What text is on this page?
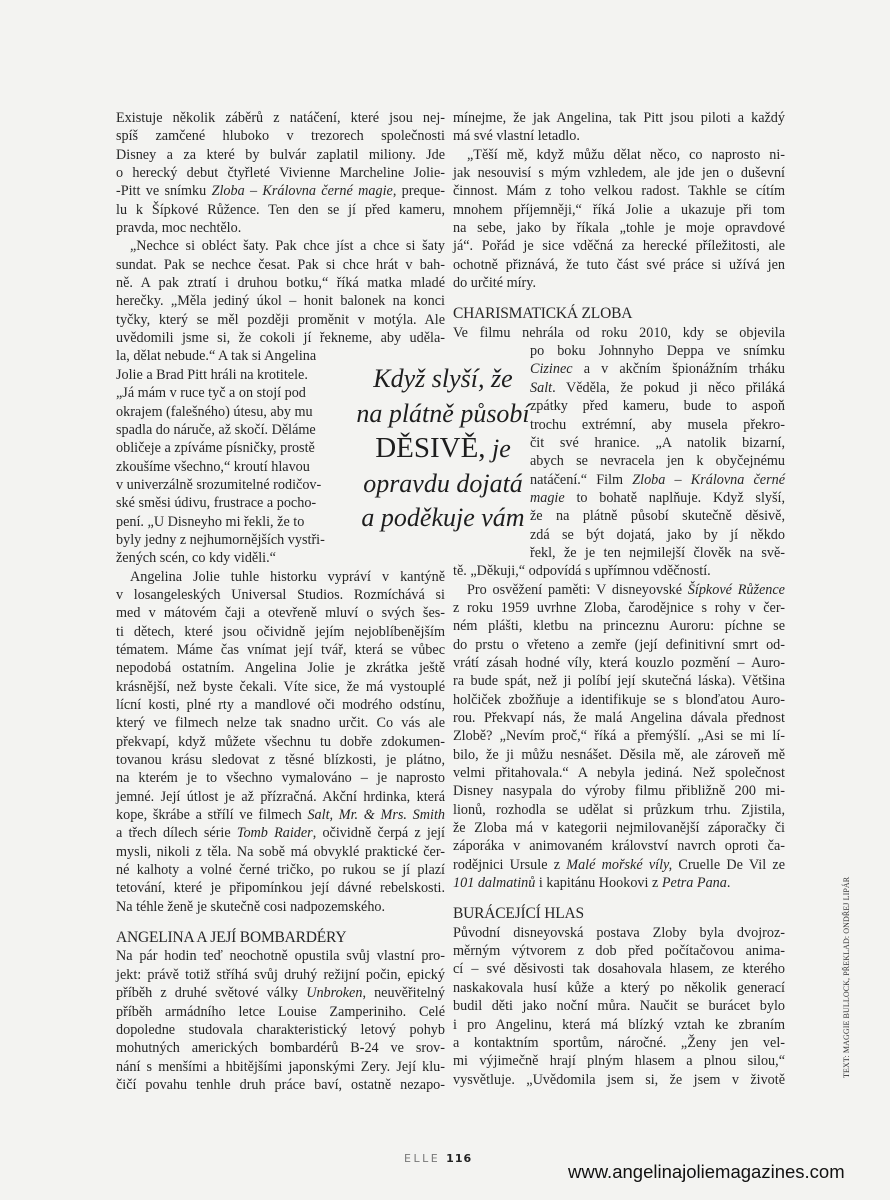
Existuje několik záběrů z natáčení, které jsou nej-
spíš zamčené hluboko v trezorech společnosti
Disney a za které by bulvár zaplatil miliony. Jde
o herecký debut čtyřleté Vivienne Marcheline Jolie-
-Pitt ve snímku Zloba – Královna černé magie, preque-
lu k Šípkové Růžence. Ten den se jí před kameru,
pravda, moc nechtělo.
„Nechce si obléct šaty. Pak chce jíst a chce si šaty
sundat. Pak se nechce česat. Pak si chce hrát v bah-
ně. A pak ztratí i druhou botku,“ říká matka mladé
herečky. „Měla jediný úkol – honit balonek na konci
tyčky, který se měl později proměnit v motýla. Ale
uvědomili jsme si, že cokoli jí řekneme, aby uděla-
la, dělat nebude.“ A tak si Angelina
Jolie a Brad Pitt hráli na krotitele.
„Já mám v ruce tyč a on stojí pod
okrajem (falešného) útesu, aby mu
spadla do náruče, až skočí. Děláme
obličeje a zpíváme písničky, prostě
zkoušíme všechno,“ kroutí hlavou
v univerzálně srozumitelné rodičov-
ské směsi údivu, frustrace a pocho-
pení. „U Disneyho mi řekli, že to
byly jedny z nejhumornějších vystři-
žených scén, co kdy viděli.“
Angelina Jolie tuhle historku vypráví v kantýně
v losangeleských Universal Studios. Rozmíchává si
med v mátovém čaji a otevřeně mluví o svých šes-
ti dětech, které jsou očividně jejím nejoblíbenějším
tématem. Máme čas vnímat její tvář, která se vůbec
nepodobá ostatním. Angelina Jolie je zkrátka ještě
krásnější, než byste čekali. Víte sice, že má vystouplé
lícní kosti, plné rty a mandlové oči modrého odstínu,
který ve filmech nelze tak snadno určit. Co vás ale
překvapí, když můžete všechnu tu dobře zdokumen-
tovanou krásu sledovat z těsné blízkosti, je plátno,
na kterém je to všechno vymalováno – je naprosto
jemné. Její útlost je až přízračná. Akční hrdinka, která
kope, škrábe a střílí ve filmech Salt, Mr. & Mrs. Smith
a třech dílech série Tomb Raider, očividně čerpá z její
mysli, nikoli z těla. Na sobě má obvyklé praktické čer-
né kalhoty a volné černé tričko, po rukou se jí plazí
tetování, které je připomínkou její dávné rebelskosti.
Na téhle ženě je skutečně cosi nadpozemského.
ANGELINA A JEJÍ BOMBARDÉRY
Na pár hodin teď neochotně opustila svůj vlastní pro-
jekt: právě totiž stříhá svůj druhý režijní počin, epický
příběh z druhé světové války Unbroken, neuvěřitelný
příběh armádního letce Louise Zamperiniho. Celé
dopoledne studovala charakteristický letový pohyb
mohutných amerických bombardérů B-24 ve srov-
nání s menšími a hbitějšími japonskými Zery. Její klu-
čičí povahu tenhle druh práce baví, ostatně nezapo-
mínejme, že jak Angelina, tak Pitt jsou piloti a každý
má své vlastní letadlo.
„Těší mě, když můžu dělat něco, co naprosto ni-
jak nesouvisí s mým vzhledem, ale jde jen o duševní
činnost. Mám z toho velkou radost. Takhle se cítím
mnohem příjemněji,“ říká Jolie a ukazuje při tom
na sebe, jako by říkala „tohle je moje opravdové
já“. Pořád je sice vděčná za herecké příležitosti, ale
ochotně přiznává, že tuto část své práce si užívá jen
do určité míry.
CHARISMATICKÁ ZLOBA
Ve filmu nehrála od roku 2010, kdy se objevila
po boku Johnnyho Deppa ve snímku
Cizinec a v akčním špionážním trháku
Salt. Věděla, že pokud ji něco přiláká
zpátky před kameru, bude to aspoň
trochu extrémní, aby musela překro-
čit své hranice. „A natolik bizarní,
abych se nevracela jen k obyčejnému
natáčení.“ Film Zloba – Královna černé
magie to bohatě naplňuje. Když slyší,
že na plátně působí skutečně děsivě,
zdá se být dojatá, jako by jí někdo
řekl, že je ten nejmilejší člověk na svě-
tě. „Děkuji,“ odpovídá s upřímnou vděčností.
Pro osvěžení paměti: V disneyovské Šípkové Růžence
z roku 1959 uvrhne Zloba, čarodějnice s rohy v čer-
ném plášti, kletbu na princeznu Auroru: píchne se
do prstu o vřeteno a zemře (její definitivní smrt od-
vrátí zásah hodné víly, která kouzlo pozmění – Auro-
ra bude spát, než ji políbí její skutečná láska). Většina
holčiček zbožňuje a identifikuje se s blonďatou Auro-
rou. Překvapí nás, že malá Angelina dávala přednost
Zlobě? „Nevím proč,“ říká a přemýšlí. „Asi se mi lí-
bilo, že ji můžu nesnášet. Děsila mě, ale zároveň mě
velmi přitahovala.“ A nebyla jediná. Než společnost
Disney nasypala do výroby filmu přibližně 200 mi-
lionů, rozhodla se udělat si průzkum trhu. Zjistila,
že Zloba má v kategorii nejmilovanější záporačky či
záporáka v animovaném království navrch oproti ča-
rodějnici Ursule z Malé mořské víly, Cruelle De Vil ze
101 dalmatinů i kapitánu Hookovi z Petra Pana.
BURÁCEJÍCÍ HLAS
Původní disneyovská postava Zloby byla dvojroz-
měrným výtvorem z dob před počítačovou anima-
cí – své děsivosti tak dosahovala hlasem, ze kterého
naskakovala husí kůže a který po několik generací
budil děti jako noční můra. Naučit se burácet bylo
i pro Angelinu, která má blízký vztah ke zbraním
a kontaktním sportům, náročné. „Ženy jen vel-
mi výjimečně hrají plným hlasem a plnou silou,“
vysvětluje. „Uvědomila jsem si, že jsem v životě
Když slyší, že
na plátně působí
DĚSIVĚ, je
opravdu dojatá
a poděkuje vám
ELLE 116
www.angelinajoliemagazines.com
TEXT: MAGGIE BULLOCK, PŘEKLAD: ONDŘEJ LIPÁR
